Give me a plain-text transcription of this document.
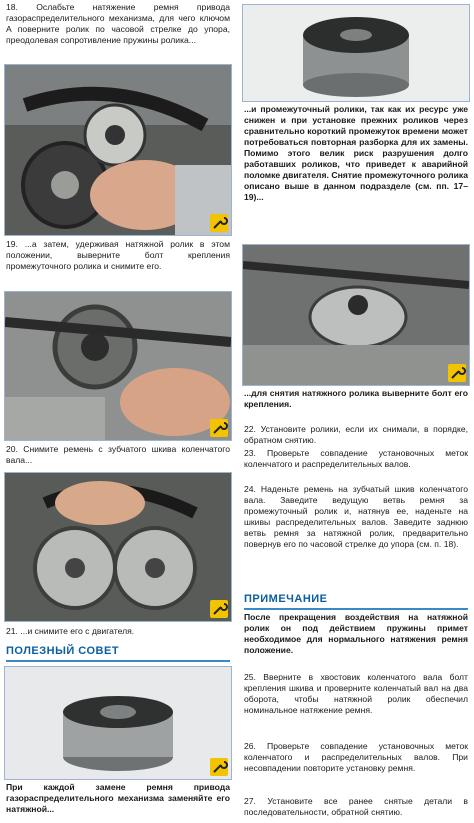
18. Ослабьте натяжение ремня привода газораспределительного механизма, для чего ключом A поверните ролик по часовой стрелке до упора, преодолевая сопротивление пружины ролика...
19. ...а затем, удерживая натяжной ролик в этом положении, выверните болт крепления промежуточного ролика и снимите его.
20. Снимите ремень с зубчатого шкива коленчатого вала...
21. ...и снимите его с двигателя.
ПОЛЕЗНЫЙ СОВЕТ
При каждой замене ремня привода газораспределительного механизма заменяйте его натяжной...
...и промежуточный ролики, так как их ресурс уже снижен и при установке прежних роликов через сравнительно короткий промежуток времени может потребоваться повторная разборка для их замены. Помимо этого велик риск разрушения долго работавших роликов, что приведет к аварийной поломке двигателя. Снятие промежуточного ролика описано выше в данном подразделе (см. пп. 17–19)...
...для снятия натяжного ролика выверните болт его крепления.
22. Установите ролики, если их снимали, в порядке, обратном снятию.
23. Проверьте совпадение установочных меток коленчатого и распределительных валов.
24. Наденьте ремень на зубчатый шкив коленчатого вала. Заведите ведущую ветвь ремня за промежуточный ролик и, натянув ее, наденьте на шкивы распределительных валов. Заведите заднюю ветвь ремня за натяжной ролик, предварительно повернув его по часовой стрелке до упора (см. п. 18).
ПРИМЕЧАНИЕ
После прекращения воздействия на натяжной ролик он под действием пружины примет необходимое для нормального натяжения ремня положение.
25. Вверните в хвостовик коленчатого вала болт крепления шкива и проверните коленчатый вал на два оборота, чтобы натяжной ролик обеспечил номинальное натяжение ремня.
26. Проверьте совпадение установочных меток коленчатого и распределительных валов. При несовпадении повторите установку ремня.
27. Установите все ранее снятые детали в последовательности, обратной снятию.
